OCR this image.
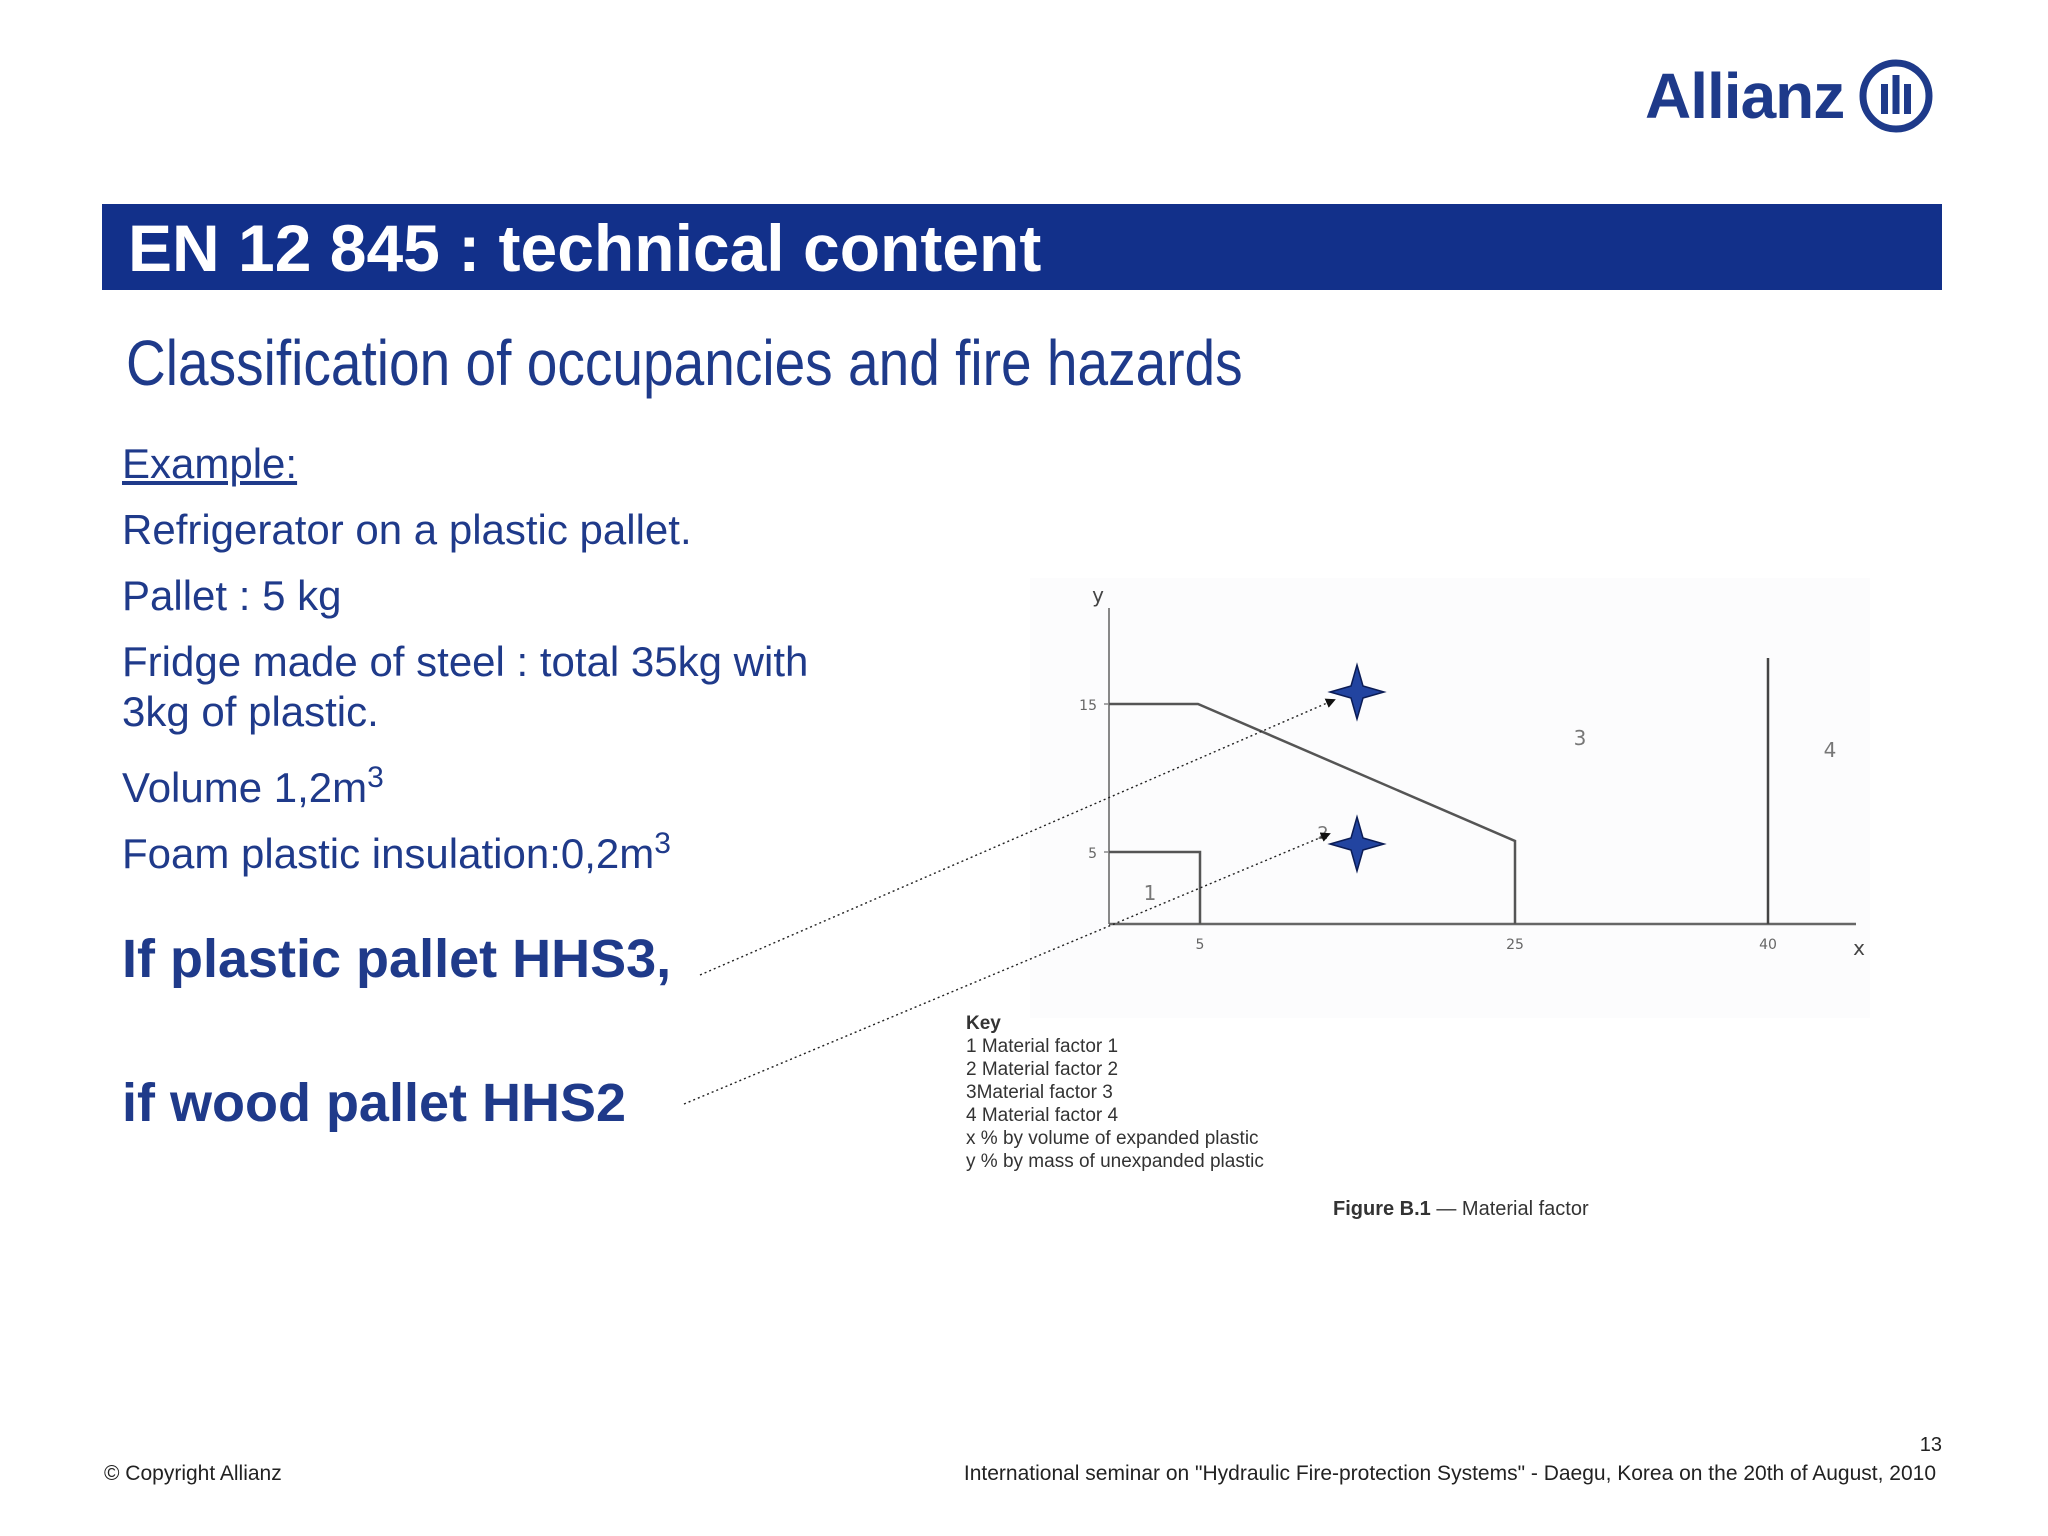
Allianz
EN 12 845 : technical content
Classification of occupancies and fire hazards
Example:
Refrigerator on a plastic pallet.
Pallet : 5 kg
Fridge made of steel : total 35kg with
3kg of plastic.
Volume $1,2m^3$
Foam plastic $insulation:0,2m^3$
If plastic pallet HHS3,
if wood pallet HHS2
y
x
15
5
5	25	40
1
2
3	4
Key
1 Material factor 1
2 Material factor 2
3Material factor 3
4 Material factor 4
x % by volume of expanded plastic
y % by mass of unexpanded plastic
Figure B.1 — Material factor
13
© Copyright Allianz	International seminar on "Hydraulic Fire-protection Systems" - Daegu, Korea on the 20th of August, 2010
